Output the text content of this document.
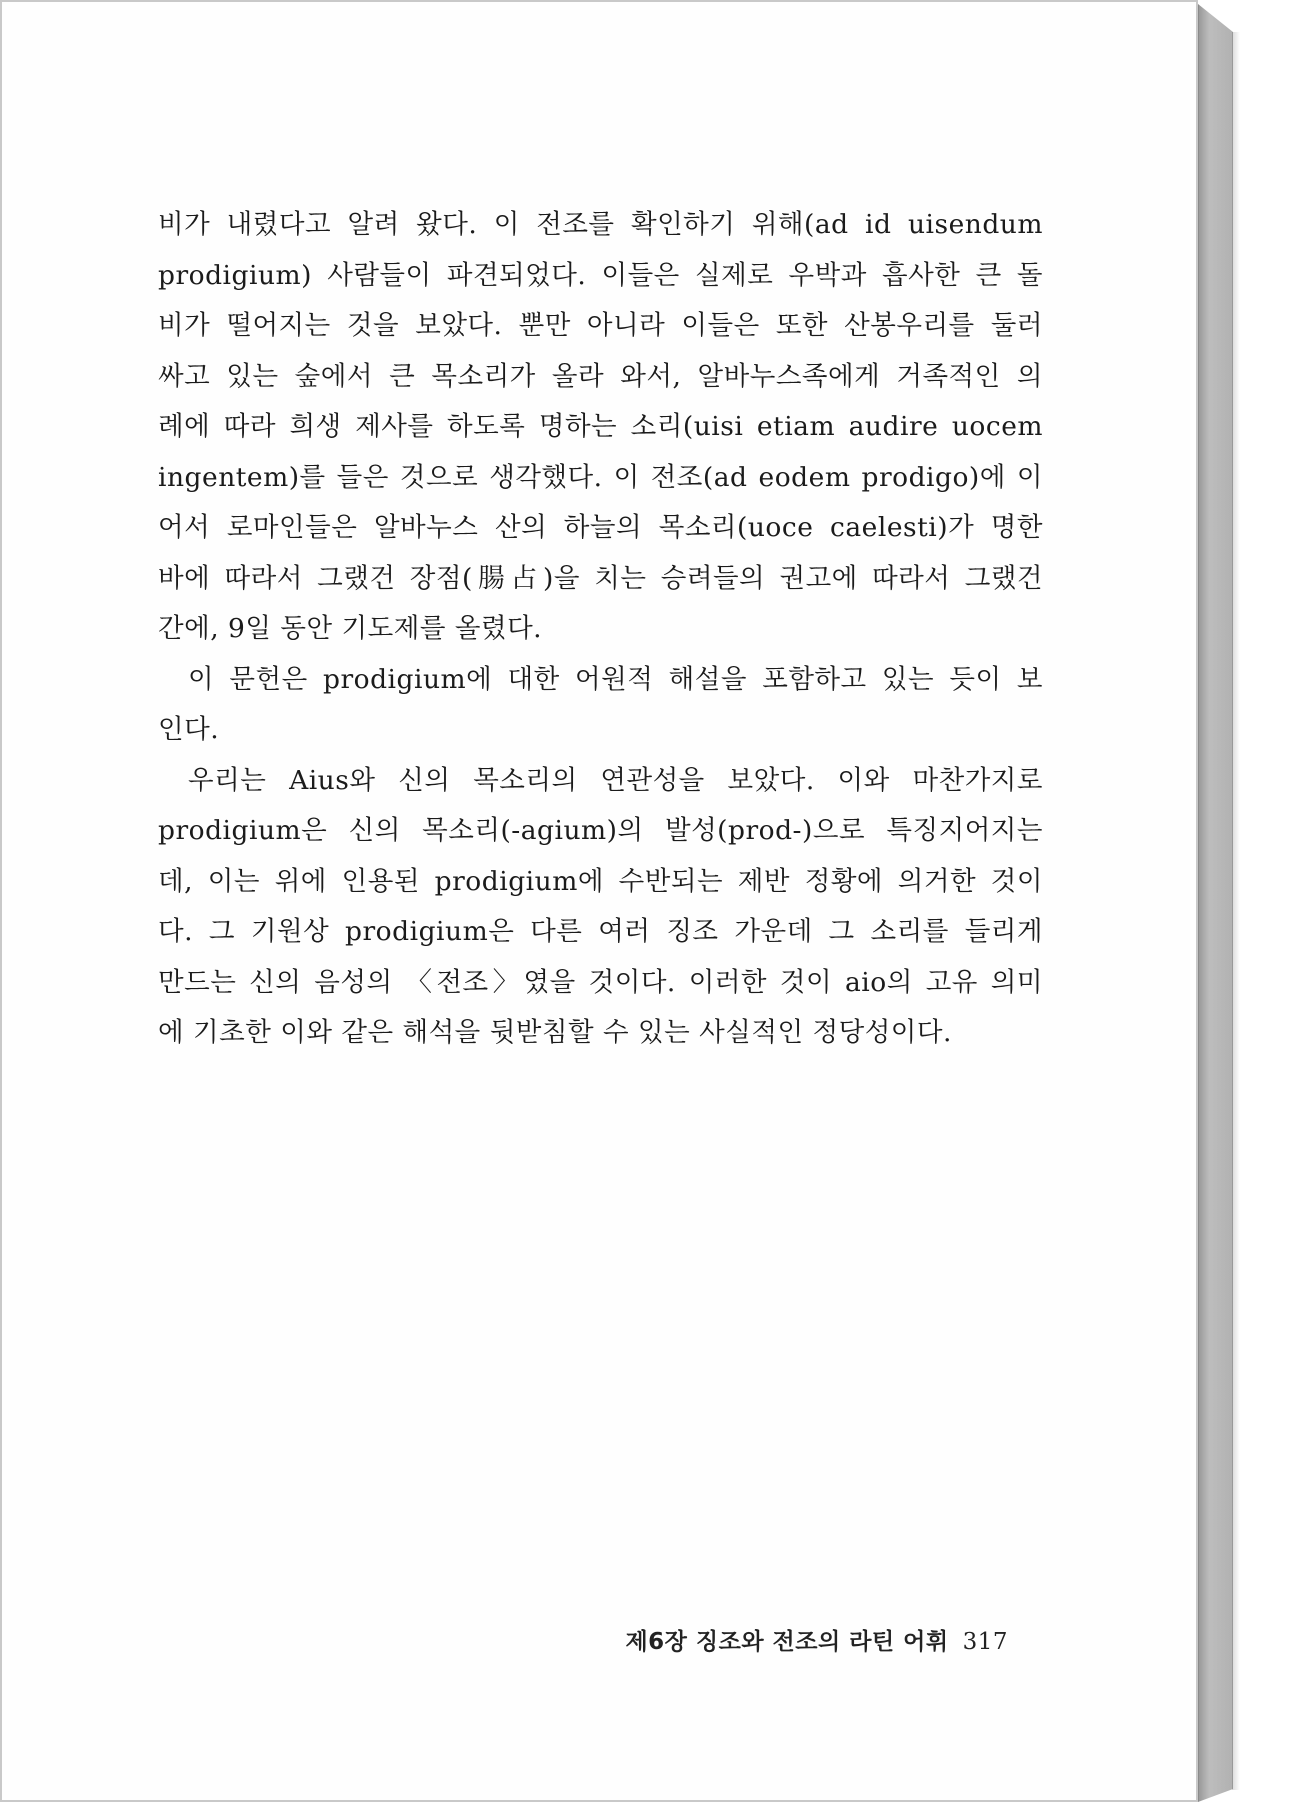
비가 내렸다고 알려 왔다. 이 전조를 확인하기 위해(ad id uisendum
prodigium) 사람들이 파견되었다. 이들은 실제로 우박과 흡사한 큰 돌
비가 떨어지는 것을 보았다. 뿐만 아니라 이들은 또한 산봉우리를 둘러
싸고 있는 숲에서 큰 목소리가 올라 와서, 알바누스족에게 거족적인 의
례에 따라 희생 제사를 하도록 명하는 소리(uisi etiam audire uocem
ingentem)를 들은 것으로 생각했다. 이 전조(ad eodem prodigo)에 이
어서 로마인들은 알바누스 산의 하늘의 목소리(uoce caelesti)가 명한
바에 따라서 그랬건 장점(腸占)을 치는 승려들의 권고에 따라서 그랬건
간에, 9일 동안 기도제를 올렸다.

이 문헌은 prodigium에 대한 어원적 해설을 포함하고 있는 듯이 보
인다.

우리는 Aius와 신의 목소리의 연관성을 보았다. 이와 마찬가지로
prodigium은 신의 목소리(-agium)의 발성(prod-)으로 특징지어지는
데, 이는 위에 인용된 prodigium에 수반되는 제반 정황에 의거한 것이
다. 그 기원상 prodigium은 다른 여러 징조 가운데 그 소리를 들리게
만드는 신의 음성의 〈전조〉였을 것이다. 이러한 것이 aio의 고유 의미
에 기초한 이와 같은 해석을 뒷받침할 수 있는 사실적인 정당성이다.

제6장 징조와 전조의 라틴 어휘 317
